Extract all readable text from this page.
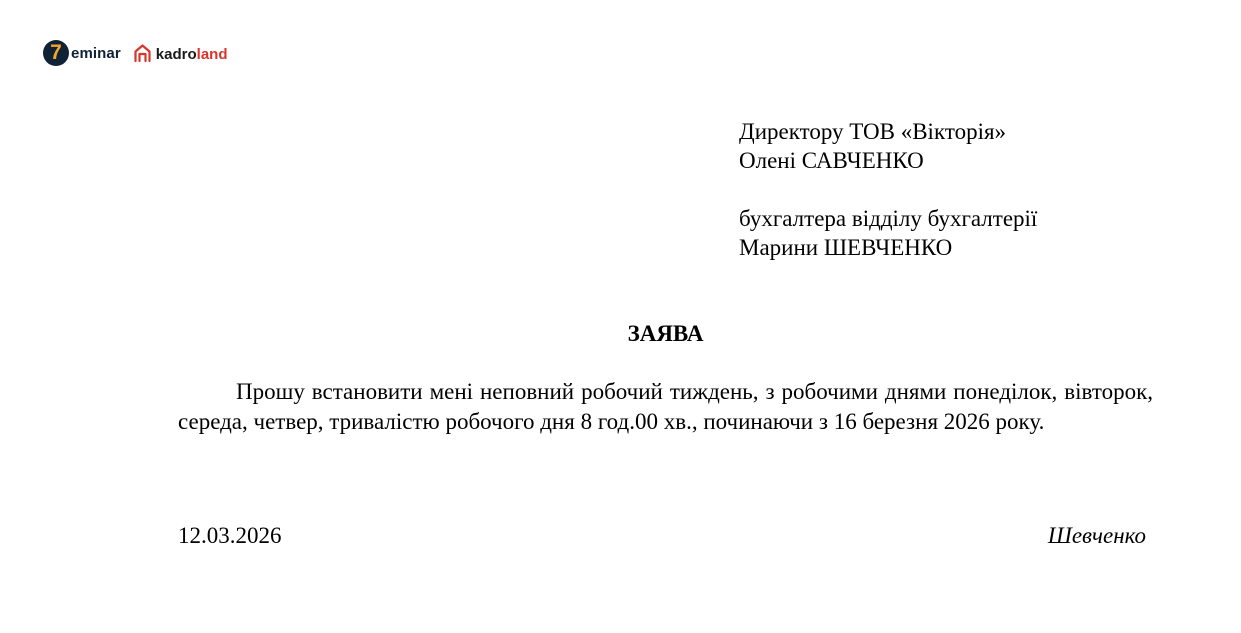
7 eminar kadroland

Директору ТОВ «Вікторія»

Олені САВЧЕНКО

бухгалтера відділу бухгалтерії

Марини ШЕВЧЕНКО

ЗАЯВА

Прошу встановити мені неповний робочий тиждень, з робочими днями понеділок, вівторок, середа, четвер, тривалістю робочого дня 8 год.00 хв., починаючи з 16 березня 2026 року.

12.03.2026	Шевченко
